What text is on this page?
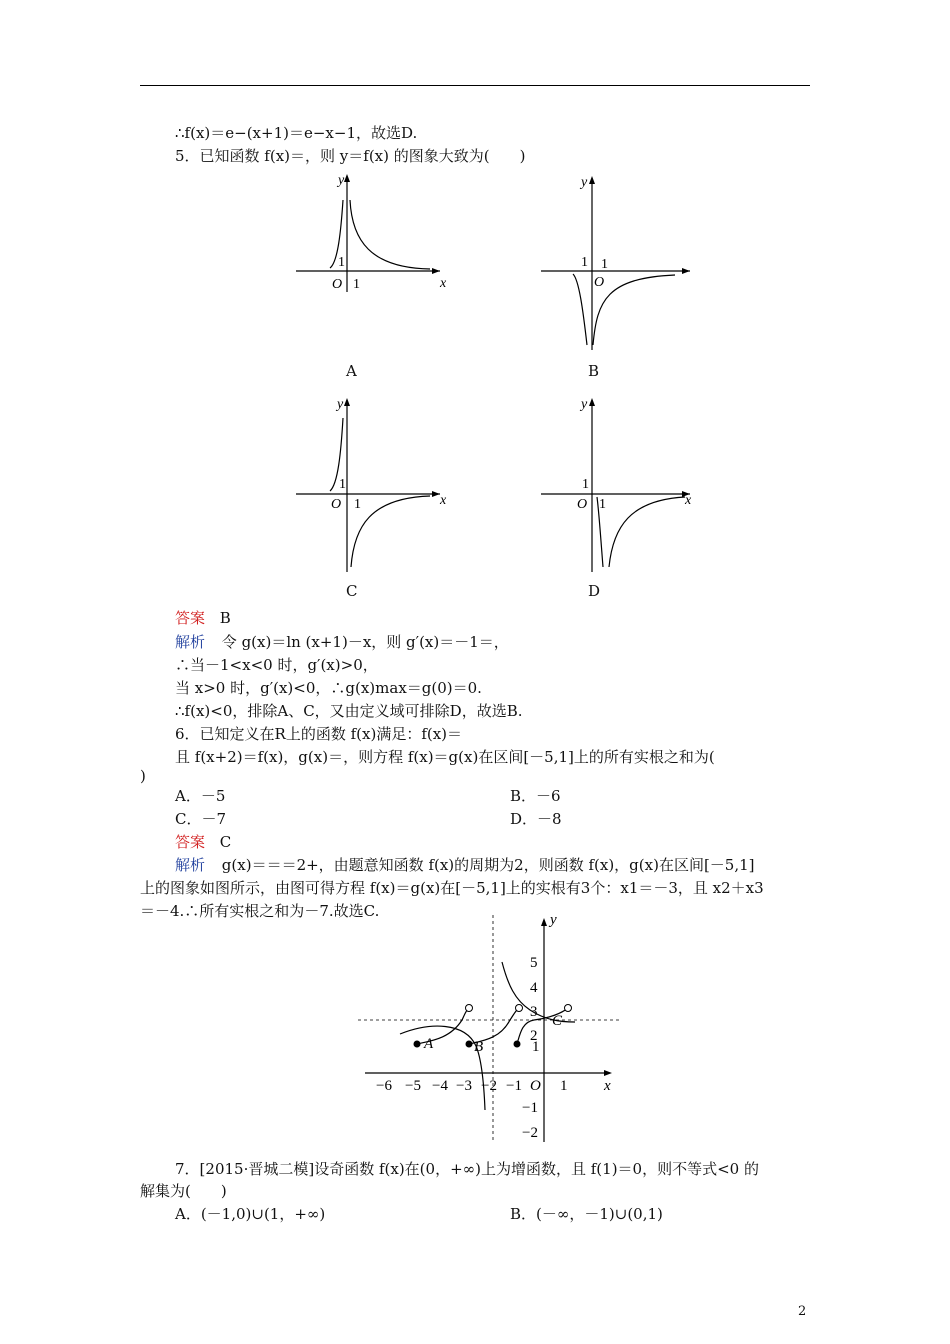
∴f(x)＝e−(x+1)＝e−x−1，故选D.
5．已知函数 f(x)＝，则 y＝f(x) 的图象大致为(　　)
y
x
O 1
1
A
y
1 1
O
B
y
x
O 1
1
C
y
x
O 1
1
D
答案 B
解析 令 g(x)＝ln (x+1)－x，则 g′(x)＝－1＝，
∴当－1<x<0 时，g′(x)>0，
当 x>0 时，g′(x)<0，∴g(x)max＝g(0)＝0.
∴f(x)<0，排除A、C，又由定义域可排除D，故选B.
6．已知定义在R上的函数 f(x)满足：f(x)＝
且 f(x+2)＝f(x)，g(x)＝，则方程 f(x)＝g(x)在区间[－5,1]上的所有实根之和为(
)
A．－5	B．－6
C．－7	D．－8
答案 C
解析 g(x)＝＝＝2+，由题意知函数 f(x)的周期为2，则函数 f(x)，g(x)在区间[－5,1]
上的图象如图所示，由图可得方程 f(x)＝g(x)在[－5,1]上的实根有3个：x1＝－3，且 x2＋x3
＝－4.∴所有实根之和为－7.故选C.
x
y
O
−6 −5 −4 −3 −2 −1	1
5
4
3
2
1
−1
−2
A	B
C
7．[2015·晋城二模]设奇函数 f(x)在(0，+∞)上为增函数，且 f(1)＝0，则不等式<0 的
解集为(　　)
A．(－1,0)∪(1，+∞)	B．(－∞，－1)∪(0,1)
2
